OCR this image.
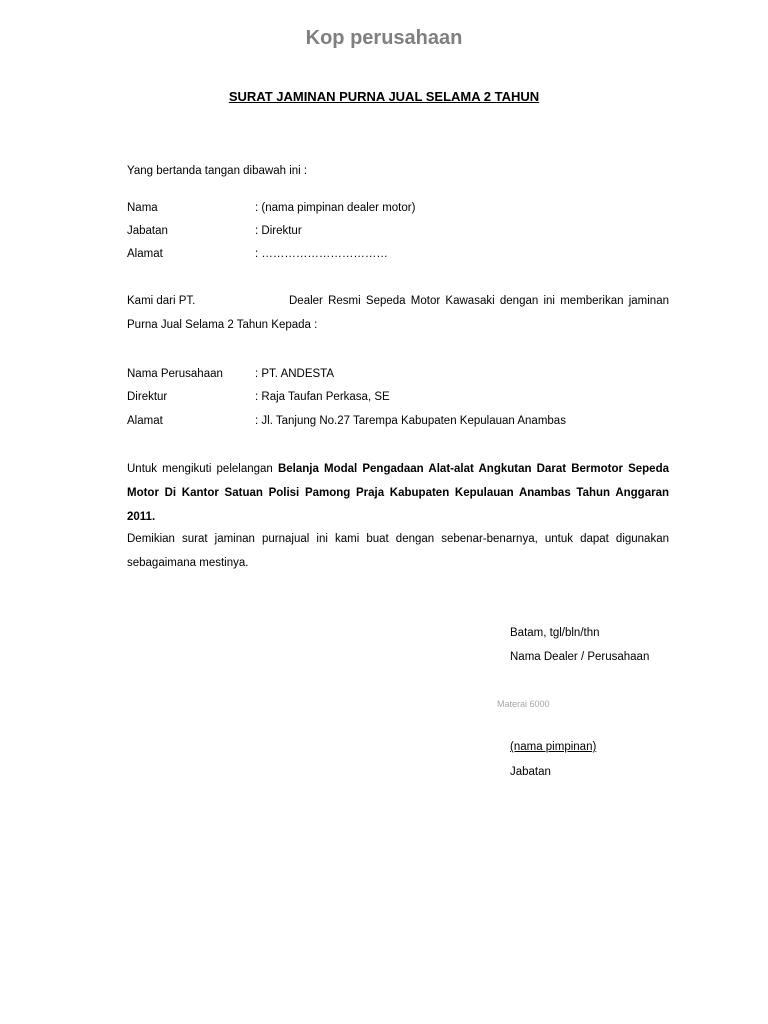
Kop perusahaan
SURAT JAMINAN PURNA JUAL SELAMA 2 TAHUN
Yang bertanda tangan dibawah ini :
Nama	: (nama pimpinan dealer motor)
Jabatan	: Direktur
Alamat	: ……………………………
Kami dari PT.	Dealer Resmi Sepeda Motor Kawasaki dengan ini memberikan jaminan
Purna Jual Selama 2 Tahun Kepada :
Nama Perusahaan	: PT. ANDESTA
Direktur	: Raja Taufan Perkasa, SE
Alamat	: Jl. Tanjung No.27 Tarempa Kabupaten Kepulauan Anambas
Untuk mengikuti pelelangan Belanja Modal Pengadaan Alat-alat Angkutan Darat Bermotor Sepeda Motor Di Kantor Satuan Polisi Pamong Praja Kabupaten Kepulauan Anambas Tahun Anggaran 2011.
Demikian surat jaminan purnajual ini kami buat dengan sebenar-benarnya, untuk dapat digunakan sebagaimana mestinya.
Batam, tgl/bln/thn
Nama Dealer / Perusahaan
Materai 6000
(nama pimpinan)
Jabatan
